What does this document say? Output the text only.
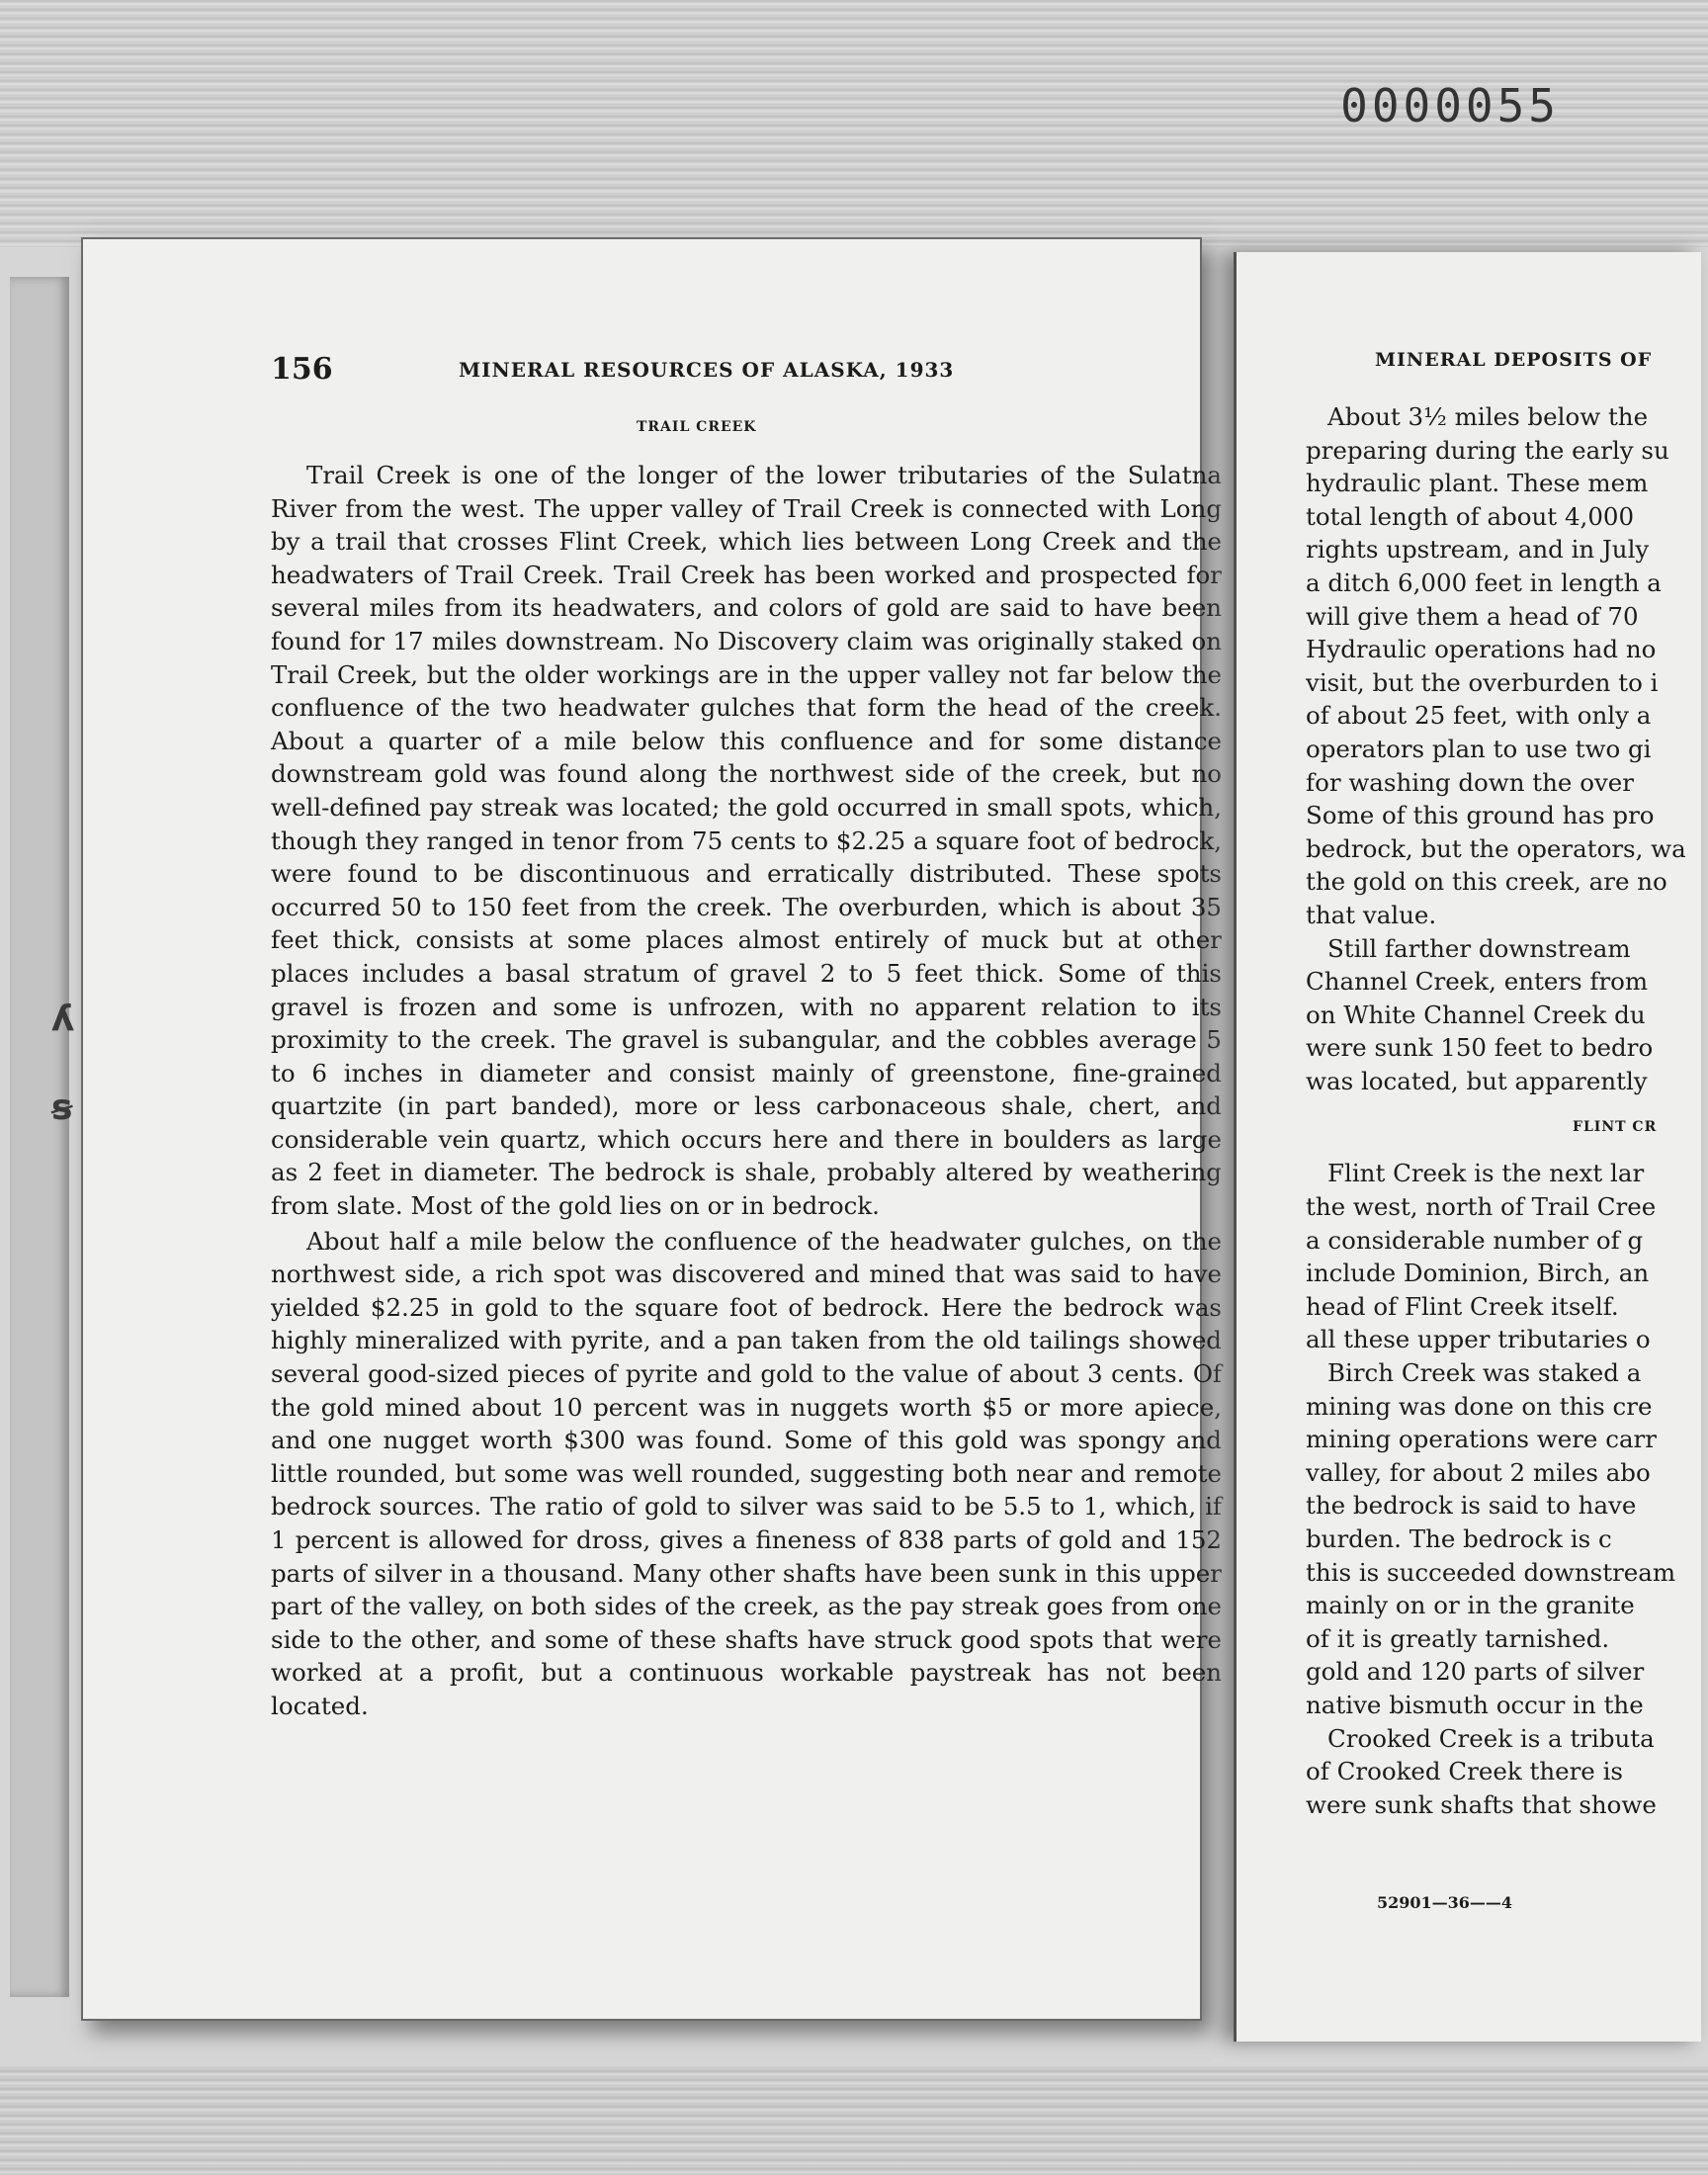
0000055
ʎ
ꞩ
156	MINERAL RESOURCES OF ALASKA, 1933
TRAIL CREEK

Trail Creek is one of the longer of the lower tributaries of the Sulatna River from the west. The upper valley of Trail Creek is connected with Long by a trail that crosses Flint Creek, which lies between Long Creek and the headwaters of Trail Creek. Trail Creek has been worked and prospected for several miles from its headwaters, and colors of gold are said to have been found for 17 miles downstream. No Discovery claim was originally staked on Trail Creek, but the older workings are in the upper valley not far below the confluence of the two headwater gulches that form the head of the creek. About a quarter of a mile below this confluence and for some distance downstream gold was found along the northwest side of the creek, but no well-defined pay streak was located; the gold occurred in small spots, which, though they ranged in tenor from 75 cents to $2.25 a square foot of bedrock, were found to be discontinuous and erratically distributed. These spots occurred 50 to 150 feet from the creek. The overburden, which is about 35 feet thick, consists at some places almost entirely of muck but at other places includes a basal stratum of gravel 2 to 5 feet thick. Some of this gravel is frozen and some is unfrozen, with no apparent relation to its proximity to the creek. The gravel is subangular, and the cobbles average 5 to 6 inches in diameter and consist mainly of greenstone, fine-grained quartzite (in part banded), more or less carbonaceous shale, chert, and considerable vein quartz, which occurs here and there in boulders as large as 2 feet in diameter. The bedrock is shale, probably altered by weathering from slate. Most of the gold lies on or in bedrock.

About half a mile below the confluence of the headwater gulches, on the northwest side, a rich spot was discovered and mined that was said to have yielded $2.25 in gold to the square foot of bedrock. Here the bedrock was highly mineralized with pyrite, and a pan taken from the old tailings showed several good-sized pieces of pyrite and gold to the value of about 3 cents. Of the gold mined about 10 percent was in nuggets worth $5 or more apiece, and one nugget worth $300 was found. Some of this gold was spongy and little rounded, but some was well rounded, suggesting both near and remote bedrock sources. The ratio of gold to silver was said to be 5.5 to 1, which, if 1 percent is allowed for dross, gives a fineness of 838 parts of gold and 152 parts of silver in a thousand. Many other shafts have been sunk in this upper part of the valley, on both sides of the creek, as the pay streak goes from one side to the other, and some of these shafts have struck good spots that were worked at a profit, but a continuous workable paystreak has not been located.

MINERAL DEPOSITS OF
About 3½ miles below the
preparing during the early su
hydraulic plant. These mem
total length of about 4,000
rights upstream, and in July
a ditch 6,000 feet in length a
will give them a head of 70
Hydraulic operations had no
visit, but the overburden to i
of about 25 feet, with only a
operators plan to use two gi
for washing down the over
Some of this ground has pro
bedrock, but the operators, wa
the gold on this creek, are no
that value.
Still farther downstream
Channel Creek, enters from
on White Channel Creek du
were sunk 150 feet to bedro
was located, but apparently
FLINT CR
Flint Creek is the next lar
the west, north of Trail Cree
a considerable number of g
include Dominion, Birch, an
head of Flint Creek itself.
all these upper tributaries o
Birch Creek was staked a
mining was done on this cre
mining operations were carr
valley, for about 2 miles abo
the bedrock is said to have
burden. The bedrock is c
this is succeeded downstream
mainly on or in the granite
of it is greatly tarnished.
gold and 120 parts of silver
native bismuth occur in the
Crooked Creek is a tributa
of Crooked Creek there is
were sunk shafts that showe
52901—36——4
